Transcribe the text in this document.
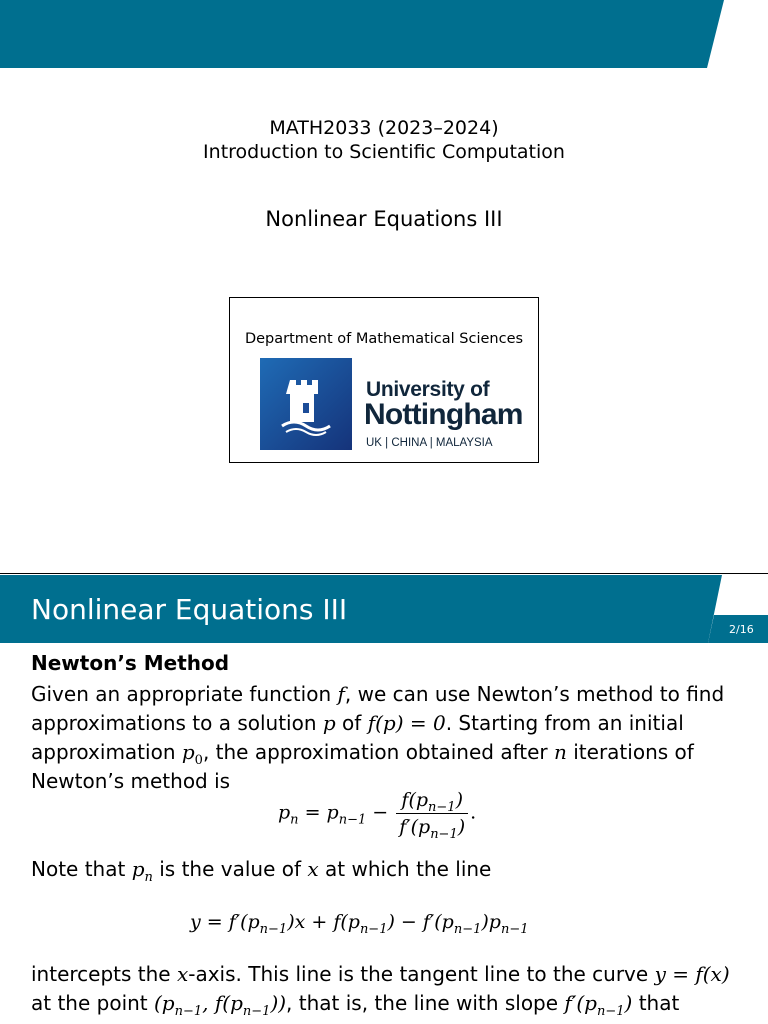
MATH2033 (2023–2024)
Introduction to Scientific Computation
Nonlinear Equations III
Department of Mathematical Sciences
University of
Nottingham
UK | CHINA | MALAYSIA
Nonlinear Equations III
2/16
Newton’s Method
Given an appropriate function f, we can use Newton’s method to find
approximations to a solution p of f(p) = 0. Starting from an initial
approximation $p_0$, the approximation obtained after n iterations of
Newton’s method is
$p_n = p_{n-1} - \frac{f(p_{n-1})}{f'(p_{n-1})}$ .
Note that $p_n$ is the value of x at which the line
$y = f'(p_{n-1})x + f(p_{n-1}) - f'(p_{n-1})p_{n-1}$
intercepts the x-axis. This line is the tangent line to the curve y = f(x)
at the point ($p_{n-1}$, $f(p_{n-1})$), that is, the line with slope $f'(p_{n-1})$ that
